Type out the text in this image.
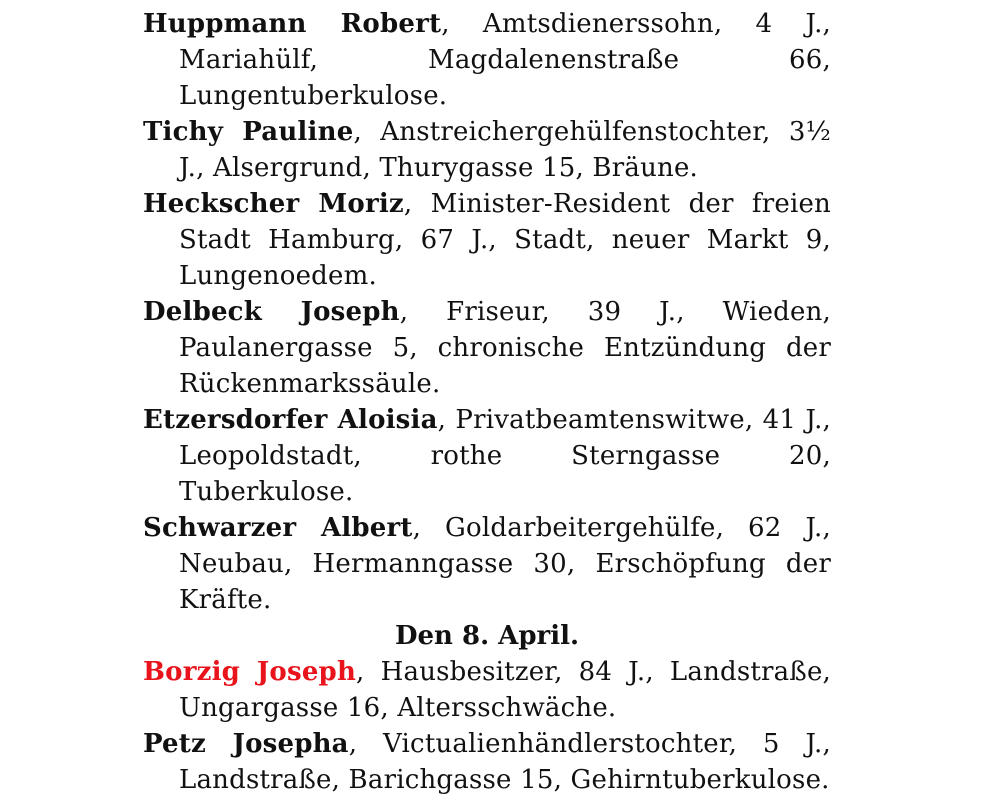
Huppmann Robert, Amtsdienerssohn, 4 J., Mariahülf, Magdalenenstraße 66, Lungentuberkulose.

Tichy Pauline, Anstreichergehülfenstochter, 3½ J., Alsergrund, Thurygasse 15, Bräune.

Heckscher Moriz, Minister-Resident der freien Stadt Hamburg, 67 J., Stadt, neuer Markt 9, Lungenoedem.

Delbeck Joseph, Friseur, 39 J., Wieden, Paulanergasse 5, chronische Entzündung der Rückenmarkssäule.

Etzersdorfer Aloisia, Privatbeamtenswitwe, 41 J., Leopoldstadt, rothe Sterngasse 20, Tuberkulose.

Schwarzer Albert, Goldarbeitergehülfe, 62 J., Neubau, Hermanngasse 30, Erschöpfung der Kräfte.

Den 8. April.

Borzig Joseph, Hausbesitzer, 84 J., Landstraße, Ungargasse 16, Altersschwäche.

Petz Josepha, Victualienhändlerstochter, 5 J., Landstraße, Barichgasse 15, Gehirntuberkulose.
